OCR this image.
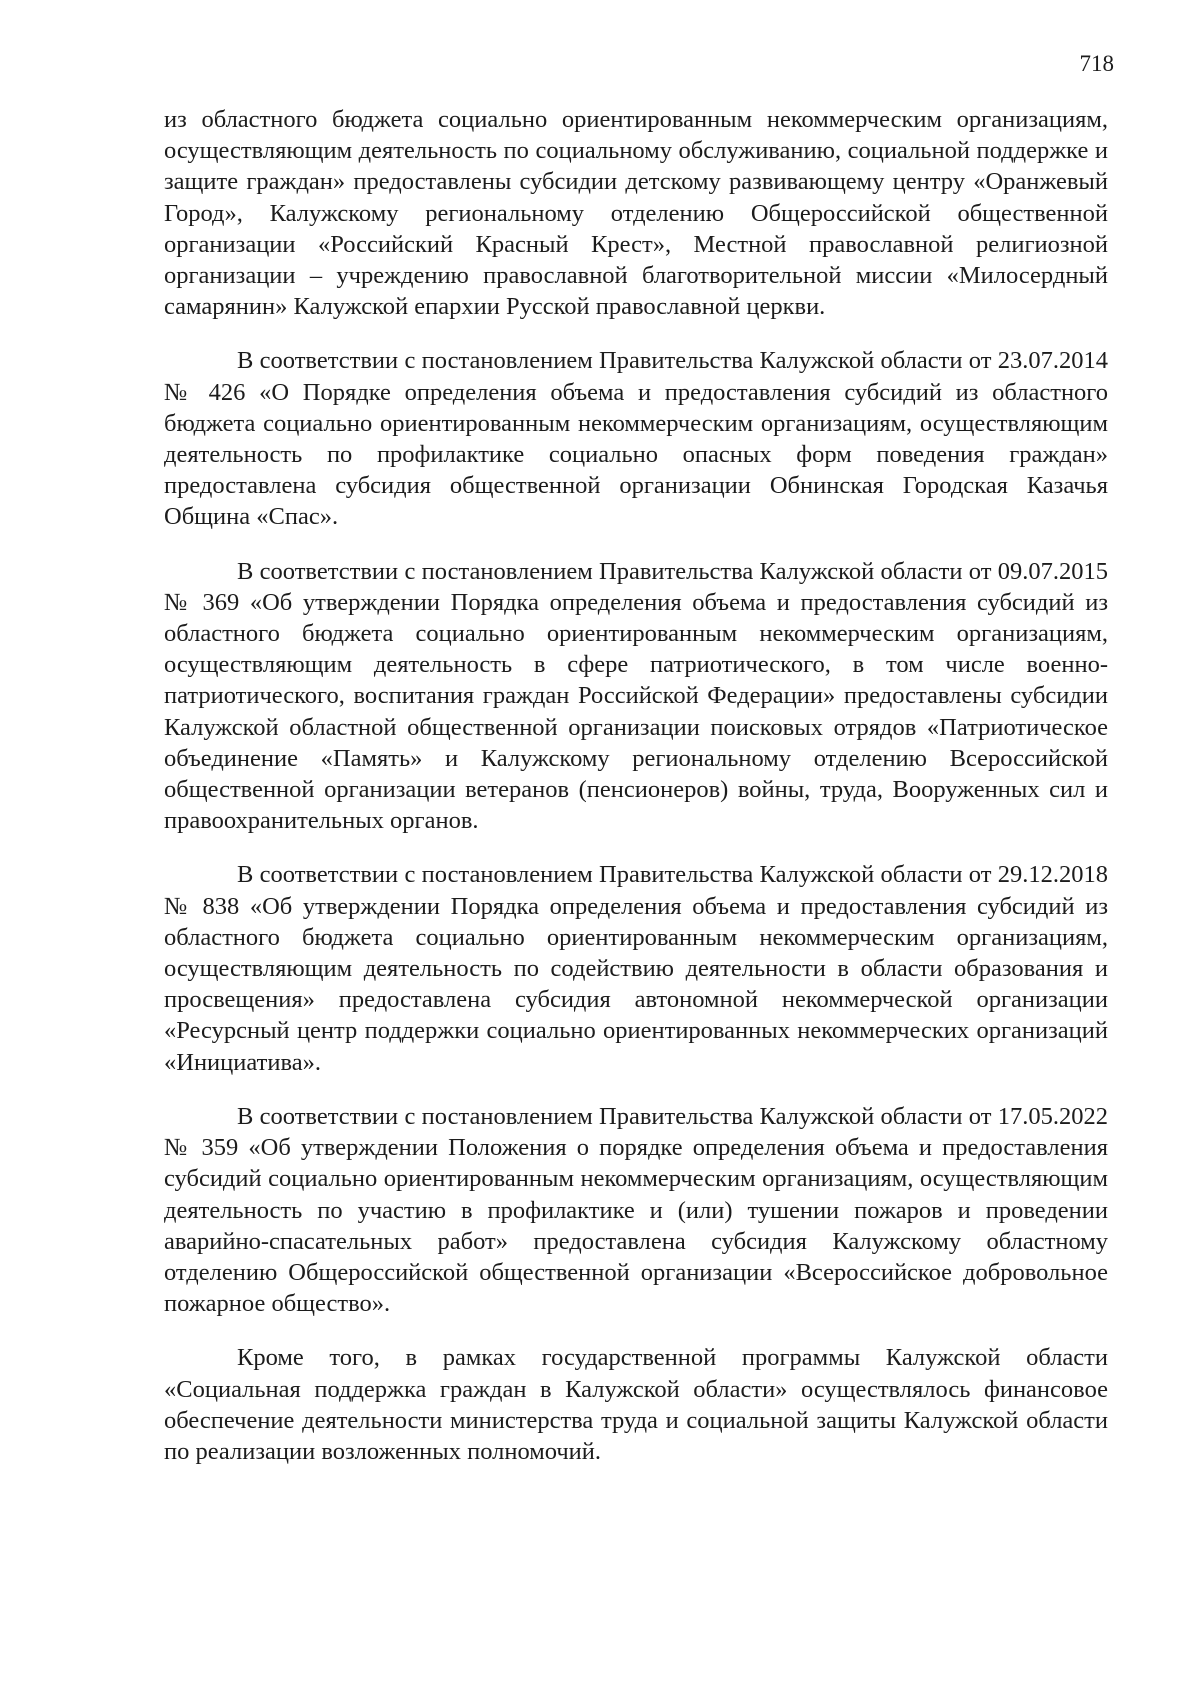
718

из областного бюджета социально ориентированным некоммерческим организациям, осуществляющим деятельность по социальному обслуживанию, социальной поддержке и защите граждан» предоставлены субсидии детскому развивающему центру «Оранжевый Город», Калужскому региональному отделению Общероссийской общественной организации «Российский Красный Крест», Местной православной религиозной организации – учреждению православной благотворительной миссии «Милосердный самарянин» Калужской епархии Русской православной церкви.

В соответствии с постановлением Правительства Калужской области от 23.07.2014 № 426 «О Порядке определения объема и предоставления субсидий из областного бюджета социально ориентированным некоммерческим организациям, осуществляющим деятельность по профилактике социально опасных форм поведения граждан» предоставлена субсидия общественной организации Обнинская Городская Казачья Община «Спас».

В соответствии с постановлением Правительства Калужской области от 09.07.2015 № 369 «Об утверждении Порядка определения объема и предоставления субсидий из областного бюджета социально ориентированным некоммерческим организациям, осуществляющим деятельность в сфере патриотического, в том числе военно-патриотического, воспитания граждан Российской Федерации» предоставлены субсидии Калужской областной общественной организации поисковых отрядов «Патриотическое объединение «Память» и Калужскому региональному отделению Всероссийской общественной организации ветеранов (пенсионеров) войны, труда, Вооруженных сил и правоохранительных органов.

В соответствии с постановлением Правительства Калужской области от 29.12.2018 № 838 «Об утверждении Порядка определения объема и предоставления субсидий из областного бюджета социально ориентированным некоммерческим организациям, осуществляющим деятельность по содействию деятельности в области образования и просвещения» предоставлена субсидия автономной некоммерческой организации «Ресурсный центр поддержки социально ориентированных некоммерческих организаций «Инициатива».

В соответствии с постановлением Правительства Калужской области от 17.05.2022 № 359 «Об утверждении Положения о порядке определения объема и предоставления субсидий социально ориентированным некоммерческим организациям, осуществляющим деятельность по участию в профилактике и (или) тушении пожаров и проведении аварийно-спасательных работ» предоставлена субсидия Калужскому областному отделению Общероссийской общественной организации «Всероссийское добровольное пожарное общество».

Кроме того, в рамках государственной программы Калужской области «Социальная поддержка граждан в Калужской области» осуществлялось финансовое обеспечение деятельности министерства труда и социальной защиты Калужской области по реализации возложенных полномочий.
